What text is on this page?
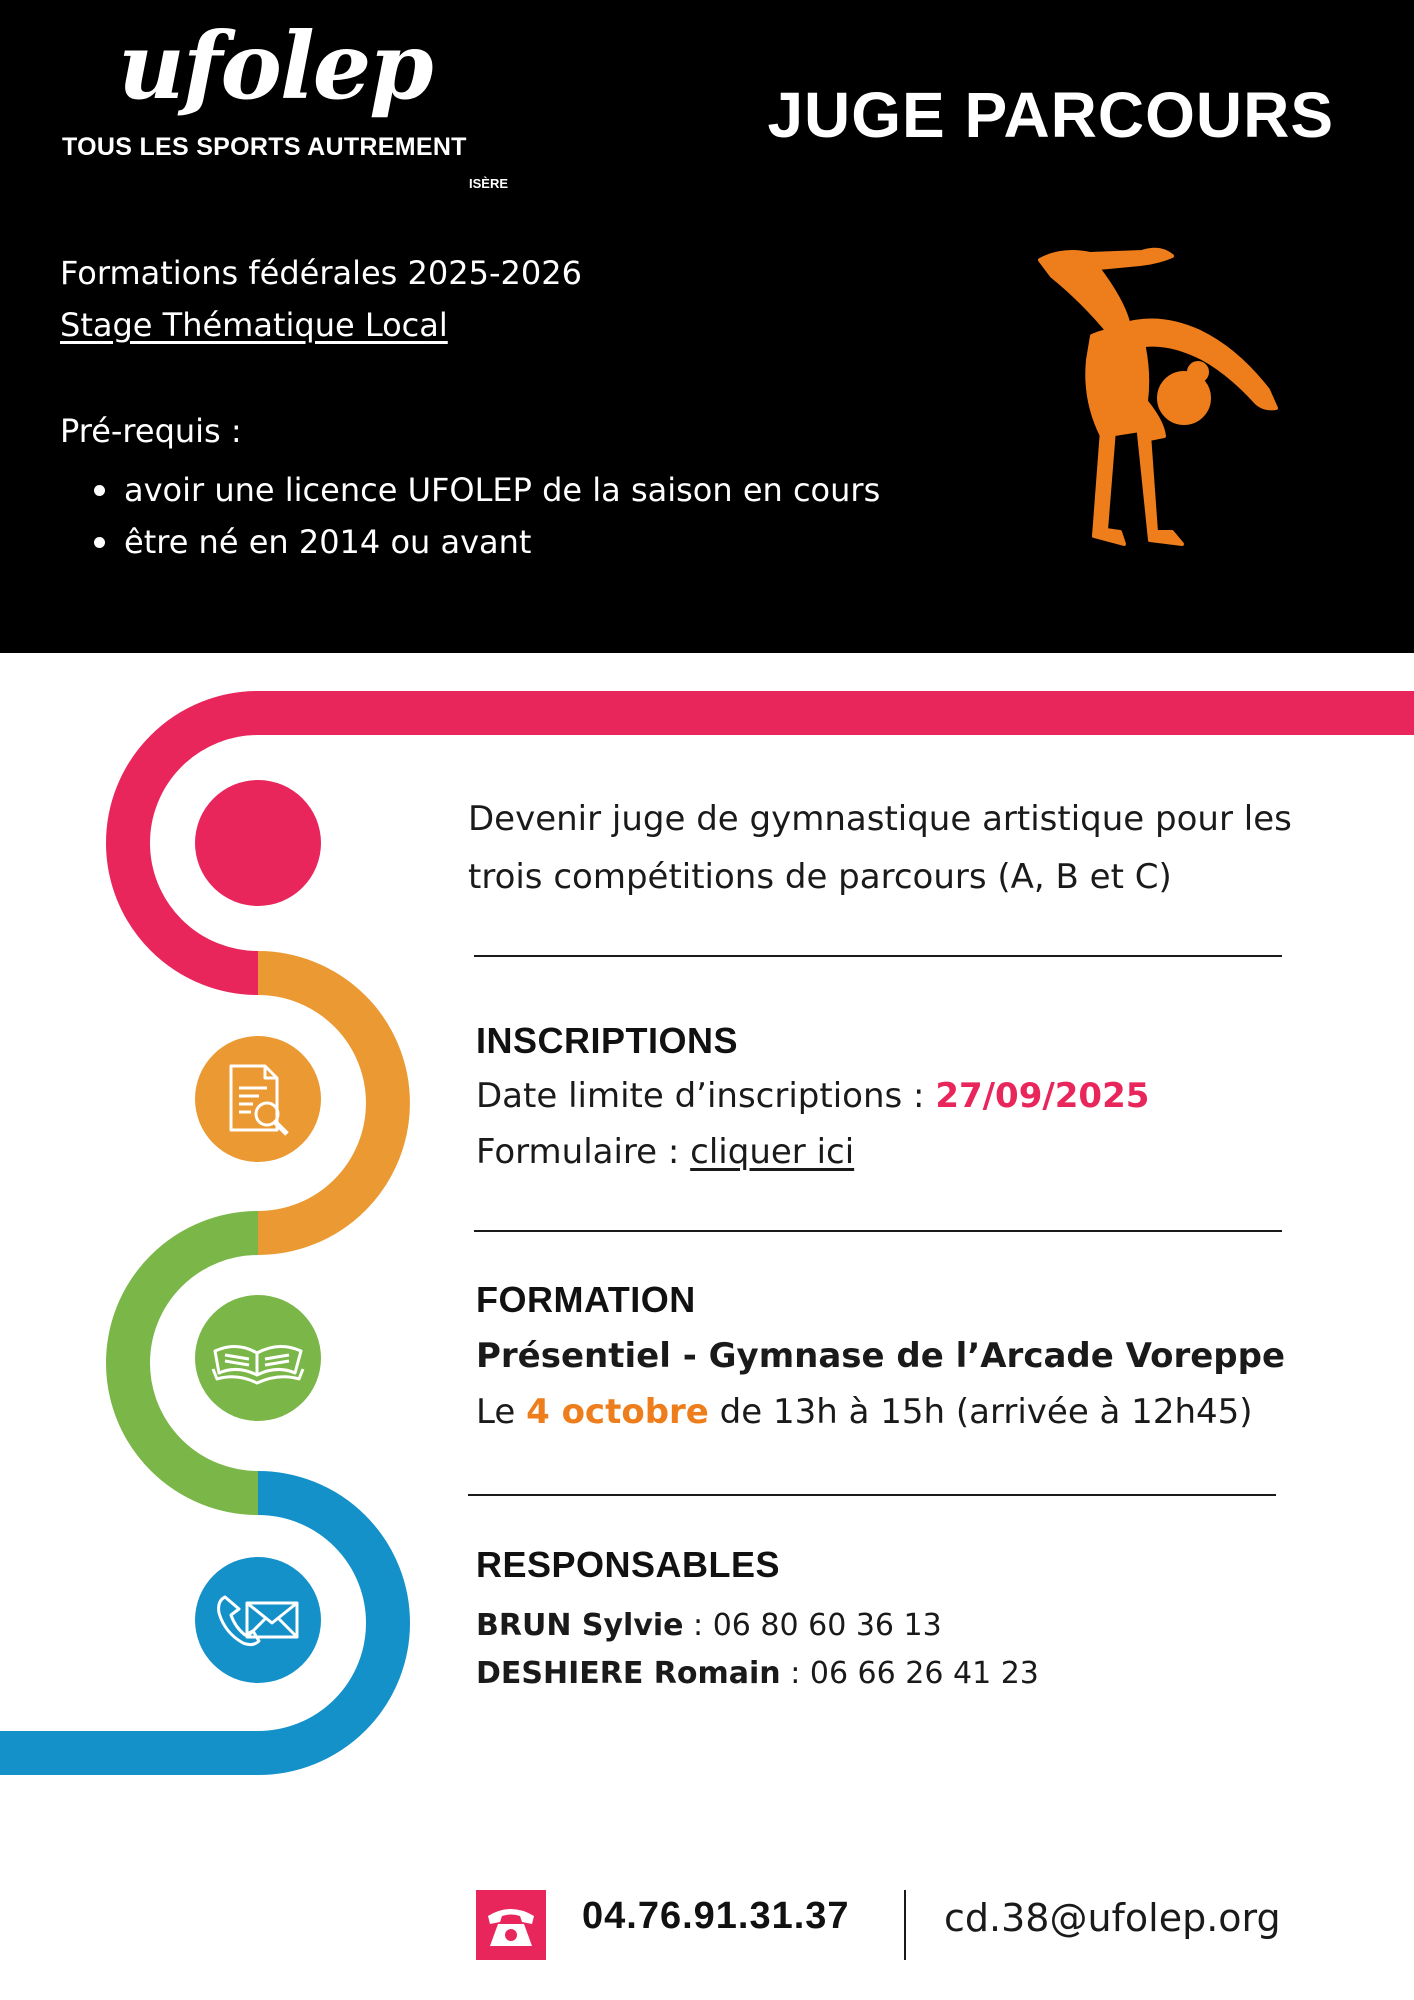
ufolep
TOUS LES SPORTS AUTREMENT
ISÈRE
JUGE PARCOURS
Formations fédérales 2025-2026
Stage Thématique Local
Pré-requis :
avoir une licence UFOLEP de la saison en cours
être né en 2014 ou avant
Devenir juge de gymnastique artistique pour les trois compétitions de parcours (A, B et C)
INSCRIPTIONS
Date limite d’inscriptions : 27/09/2025
Formulaire : cliquer ici
FORMATION
Présentiel - Gymnase de l’Arcade Voreppe
Le 4 octobre de 13h à 15h (arrivée à 12h45)
RESPONSABLES
BRUN Sylvie : 06 80 60 36 13
DESHIERE Romain : 06 66 26 41 23
04.76.91.31.37 cd.38@ufolep.org
